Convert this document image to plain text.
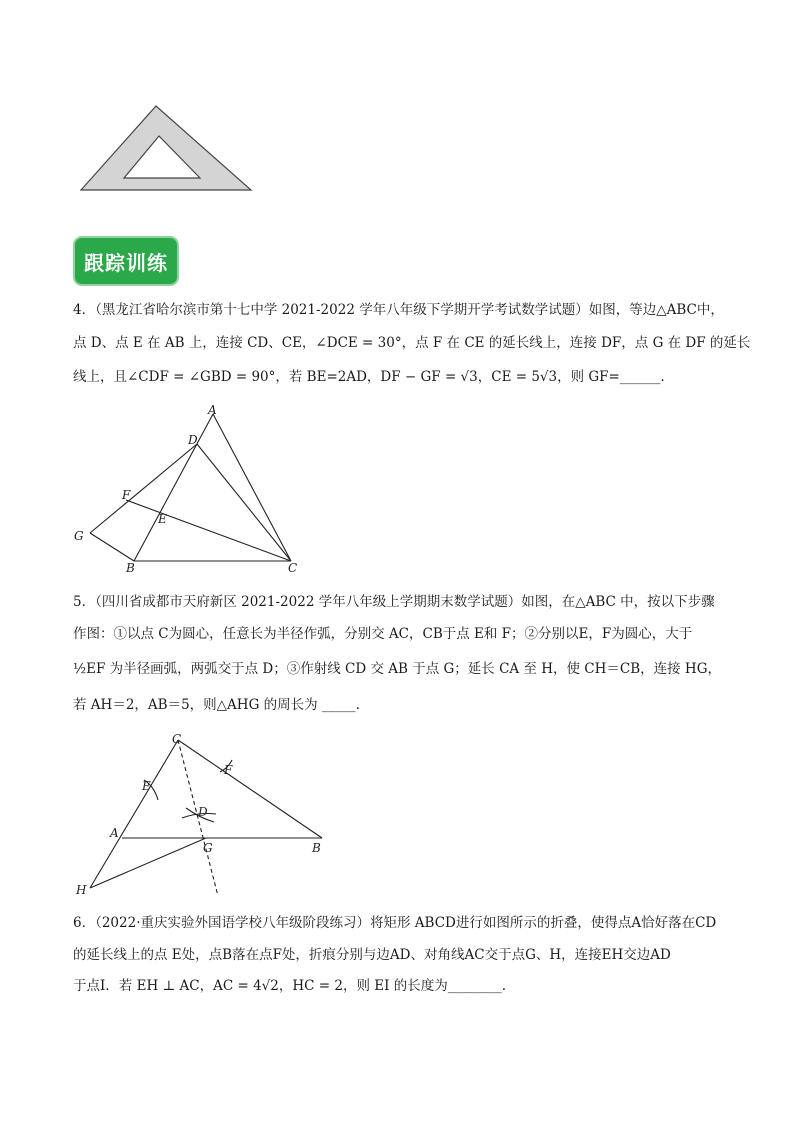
跟踪训练
4．（黑龙江省哈尔滨市第十七中学 2021-2022 学年八年级下学期开学考试数学试题）如图，等边△ABC中，
点 D、点 E 在 AB 上，连接 CD、CE，∠DCE = 30°，点 F 在 CE 的延长线上，连接 DF，点 G 在 DF 的延长
线上，且∠CDF = ∠GBD = 90°，若 BE=2AD，DF − GF = √3，CE = 5√3，则 GF=______.
A
D
F
E
G
B	C
5．（四川省成都市天府新区 2021-2022 学年八年级上学期期末数学试题）如图，在△ABC 中，按以下步骤
作图：①以点 C为圆心，任意长为半径作弧，分别交 AC，CB于点 E和 F；②分别以E，F为圆心，大于
½EF 为半径画弧，两弧交于点 D；③作射线 CD 交 AB 于点 G；延长 CA 至 H，使 CH＝CB，连接 HG，
若 AH＝2，AB＝5，则△AHG 的周长为 _____.
C
F
E
D
A
G	B
H
6．（2022·重庆实验外国语学校八年级阶段练习）将矩形 ABCD进行如图所示的折叠，使得点A恰好落在CD
的延长线上的点 E处，点B落在点F处，折痕分别与边AD、对角线AC交于点G、H，连接EH交边AD
于点I．若 EH ⊥ AC，AC = 4√2，HC = 2，则 EI 的长度为________.
